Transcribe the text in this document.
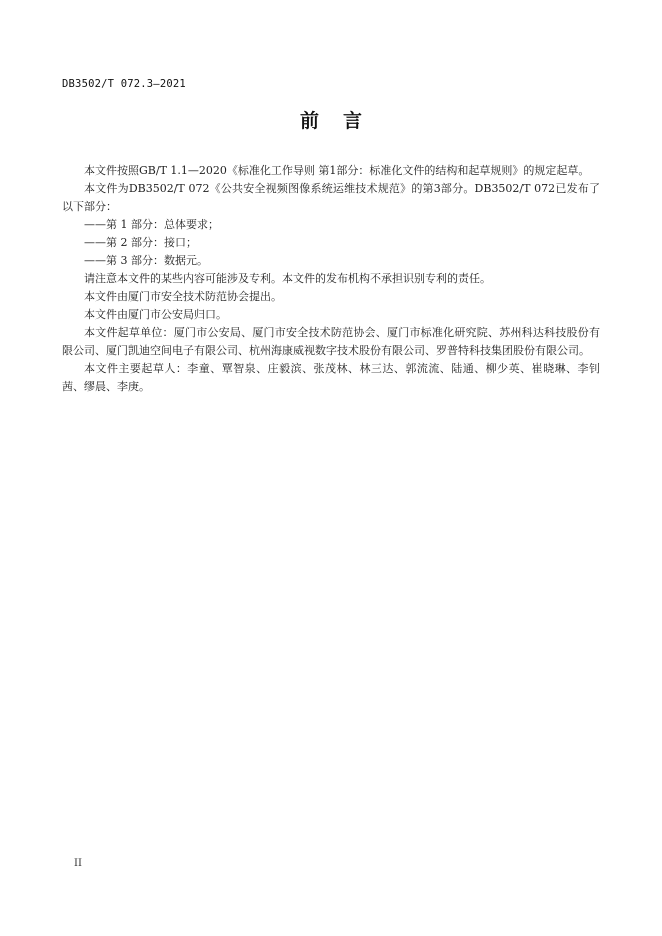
DB3502/T 072.3—2021
前言

本文件按照GB/T 1.1—2020《标准化工作导则 第1部分：标准化文件的结构和起草规则》的规定起草。

本文件为DB3502/T 072《公共安全视频图像系统运维技术规范》的第3部分。DB3502/T 072已发布了以下部分：

——第 1 部分：总体要求；

——第 2 部分：接口；

——第 3 部分：数据元。

请注意本文件的某些内容可能涉及专利。本文件的发布机构不承担识别专利的责任。

本文件由厦门市安全技术防范协会提出。

本文件由厦门市公安局归口。

本文件起草单位：厦门市公安局、厦门市安全技术防范协会、厦门市标准化研究院、苏州科达科技股份有限公司、厦门凯迪空间电子有限公司、杭州海康威视数字技术股份有限公司、罗普特科技集团股份有限公司。

本文件主要起草人：李童、覃智泉、庄毅滨、张茂林、林三达、郭流流、陆通、柳少英、崔晓琳、李钊茜、缪晨、李庚。

II
